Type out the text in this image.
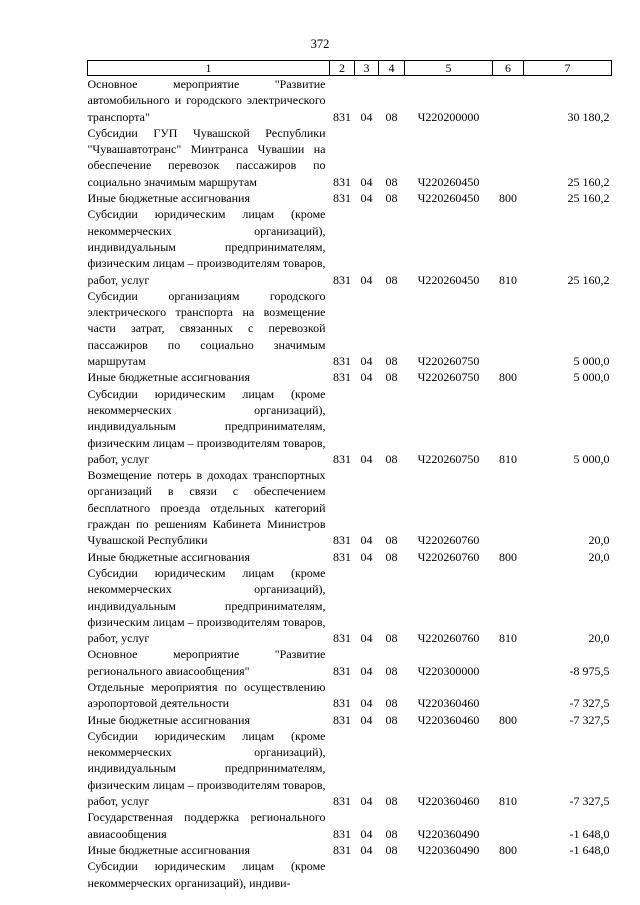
372
1	2	3	4	5	6	7
Основное мероприятие "Развитие автомобильного и городского электрического транспорта"	831	04	08	Ч220200000		30 180,2
Субсидии ГУП Чувашской Республики "Чувашавтотранс" Минтранса Чувашии на обеспечение перевозок пассажиров по социально значимым маршрутам	831	04	08	Ч220260450		25 160,2
Иные бюджетные ассигнования	831	04	08	Ч220260450	800	25 160,2
Субсидии юридическим лицам (кроме некоммерческих организаций), индивидуальным предпринимателям, физическим лицам – производителям товаров, работ, услуг	831	04	08	Ч220260450	810	25 160,2
Субсидии организациям городского электрического транспорта на возмещение части затрат, связанных с перевозкой пассажиров по социально значимым маршрутам	831	04	08	Ч220260750		5 000,0
Иные бюджетные ассигнования	831	04	08	Ч220260750	800	5 000,0
Субсидии юридическим лицам (кроме некоммерческих организаций), индивидуальным предпринимателям, физическим лицам – производителям товаров, работ, услуг	831	04	08	Ч220260750	810	5 000,0
Возмещение потерь в доходах транспортных организаций в связи с обеспечением бесплатного проезда отдельных категорий граждан по решениям Кабинета Министров Чувашской Республики	831	04	08	Ч220260760		20,0
Иные бюджетные ассигнования	831	04	08	Ч220260760	800	20,0
Субсидии юридическим лицам (кроме некоммерческих организаций), индивидуальным предпринимателям, физическим лицам – производителям товаров, работ, услуг	831	04	08	Ч220260760	810	20,0
Основное мероприятие "Развитие регионального авиасообщения"	831	04	08	Ч220300000		-8 975,5
Отдельные мероприятия по осуществлению аэропортовой деятельности	831	04	08	Ч220360460		-7 327,5
Иные бюджетные ассигнования	831	04	08	Ч220360460	800	-7 327,5
Субсидии юридическим лицам (кроме некоммерческих организаций), индивидуальным предпринимателям, физическим лицам – производителям товаров, работ, услуг	831	04	08	Ч220360460	810	-7 327,5
Государственная поддержка регионального авиасообщения	831	04	08	Ч220360490		-1 648,0
Иные бюджетные ассигнования	831	04	08	Ч220360490	800	-1 648,0
Субсидии юридическим лицам (кроме некоммерческих организаций), индиви-						
